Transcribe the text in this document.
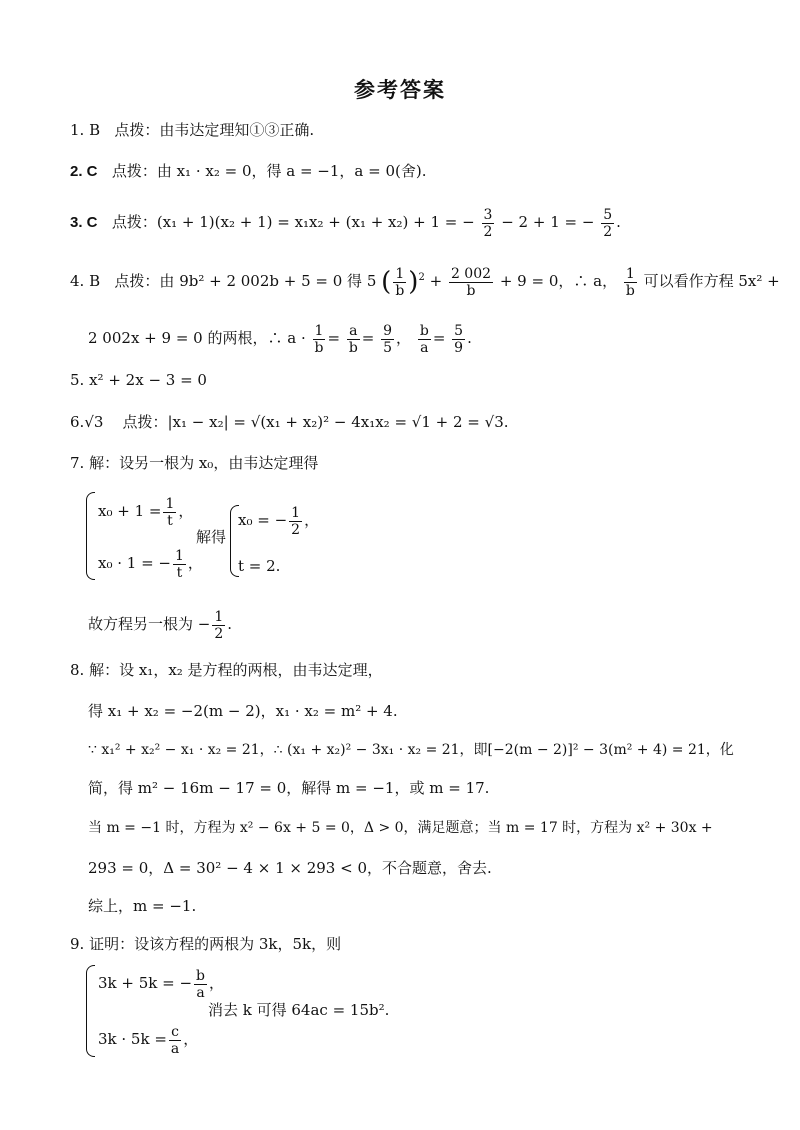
参考答案
1. B 点拨：由韦达定理知①③正确.
2. C 点拨：由 x₁ · x₂ = 0，得 a = −1，a = 0(舍).
3. C 点拨：(x₁ + 1)(x₂ + 1) = x₁x₂ + (x₁ + x₂) + 1 = − $\frac{3}{2} - 2 + 1$ = − $\frac{5}{2}$ .
4. B 点拨：由 9b² + 2 002b + 5 = 0 得 5 ( $\frac{1}{b} )^2 + \frac{2 002}{b} + 9 = 0$，∴ a， $\frac{1}{b}$ 可以看作方程 5x² +
2 002x + 9 = 0 的两根，∴ $a \cdot \frac{1}{b} = \frac{a}{b} = \frac{9}{5}$ ， $\frac{b}{a} = \frac{5}{9}$ .
5. x² + 2x − 3 = 0
6.√3 点拨：|x₁ − x₂| = √(x₁ + x₂)² − 4x₁x₂ = √1 + 2 = √3.
7. 解：设另一根为 x₀，由韦达定理得
$x_0 + 1 = \frac{1}{t}$ ，
x₀ · 1 = − $\frac{1}{t}$ ，
解得
x₀ = − $\frac{1}{2}$ ，
t = 2.
故方程另一根为 − $\frac{1}{2}$ .
8. 解：设 x₁，x₂ 是方程的两根，由韦达定理，
得 x₁ + x₂ = −2(m − 2)，x₁ · x₂ = m² + 4.
∵ x₁² + x₂² − x₁ · x₂ = 21，∴ (x₁ + x₂)² − 3x₁ · x₂ = 21，即[−2(m − 2)]² − 3(m² + 4) = 21，化
简，得 m² − 16m − 17 = 0，解得 m = −1，或 m = 17.
当 m = −1 时，方程为 x² − 6x + 5 = 0，Δ > 0，满足题意；当 m = 17 时，方程为 x² + 30x +
293 = 0，Δ = 30² − 4 × 1 × 293 < 0，不合题意，舍去.
综上，m = −1.
9. 证明：设该方程的两根为 3k，5k，则
3k + 5k = − $\frac{b}{a}$ ，
$3k \cdot 5k = \frac{c}{a}$ ，
消去 k 可得 64ac = 15b².
